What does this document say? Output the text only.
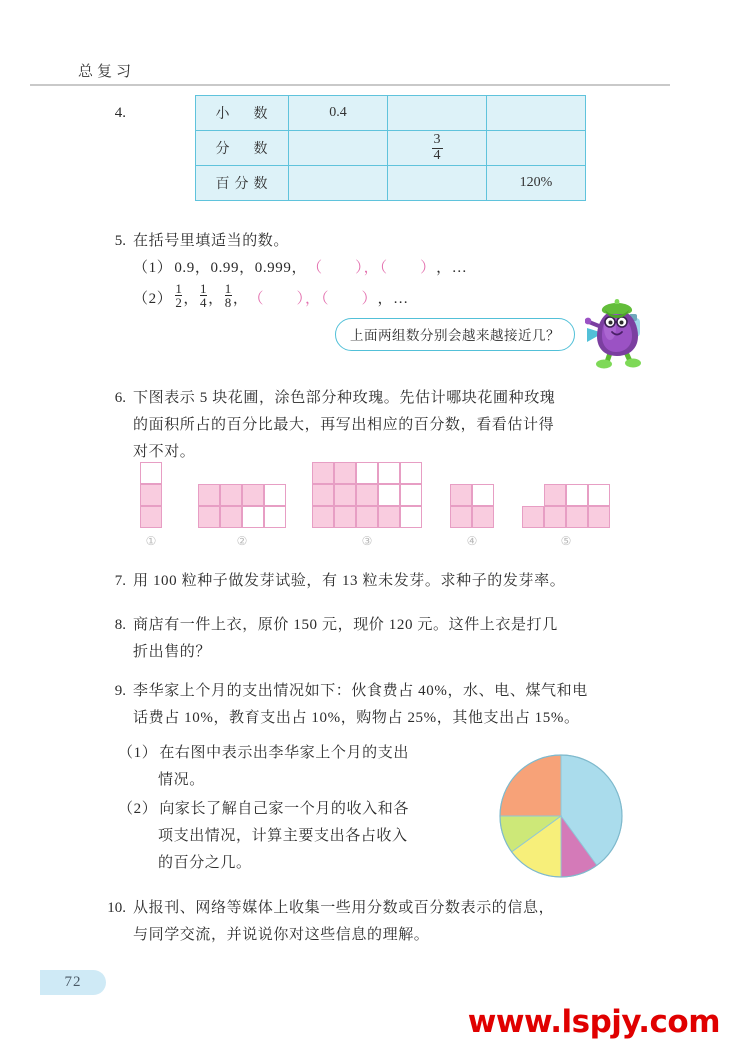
总复习
4.	小　数	0.4		
分　数		$\frac{3}{4}$

百分数			120%
5. 在括号里填适当的数。
（1） 0.9，0.99，0.999， （　　），（　　） ，…
$(2) \frac{1}{2}$ ， $\frac{1}{4}$ ， $\frac{1}{8}$ ， （　　），（　　） ，…
上面两组数分别会越来越接近几？
6. 下图表示 5 块花圃，涂色部分种玫瑰。先估计哪块花圃种玫瑰
的面积所占的百分比最大，再写出相应的百分数，看看估计得
对不对。
①	②	③	④	⑤
7. 用 100 粒种子做发芽试验，有 13 粒未发芽。求种子的发芽率。
8. 商店有一件上衣，原价 150 元，现价 120 元。这件上衣是打几
折出售的？
9. 李华家上个月的支出情况如下：伙食费占 40%，水、电、煤气和电
话费占 10%，教育支出占 10%，购物占 25%，其他支出占 15%。
（1） 在右图中表示出李华家上个月的支出
情况。
（2） 向家长了解自己家一个月的收入和各
项支出情况，计算主要支出各占收入
的百分之几。
10. 从报刊、网络等媒体上收集一些用分数或百分数表示的信息，
与同学交流，并说说你对这些信息的理解。
72
www.lspjy.com
